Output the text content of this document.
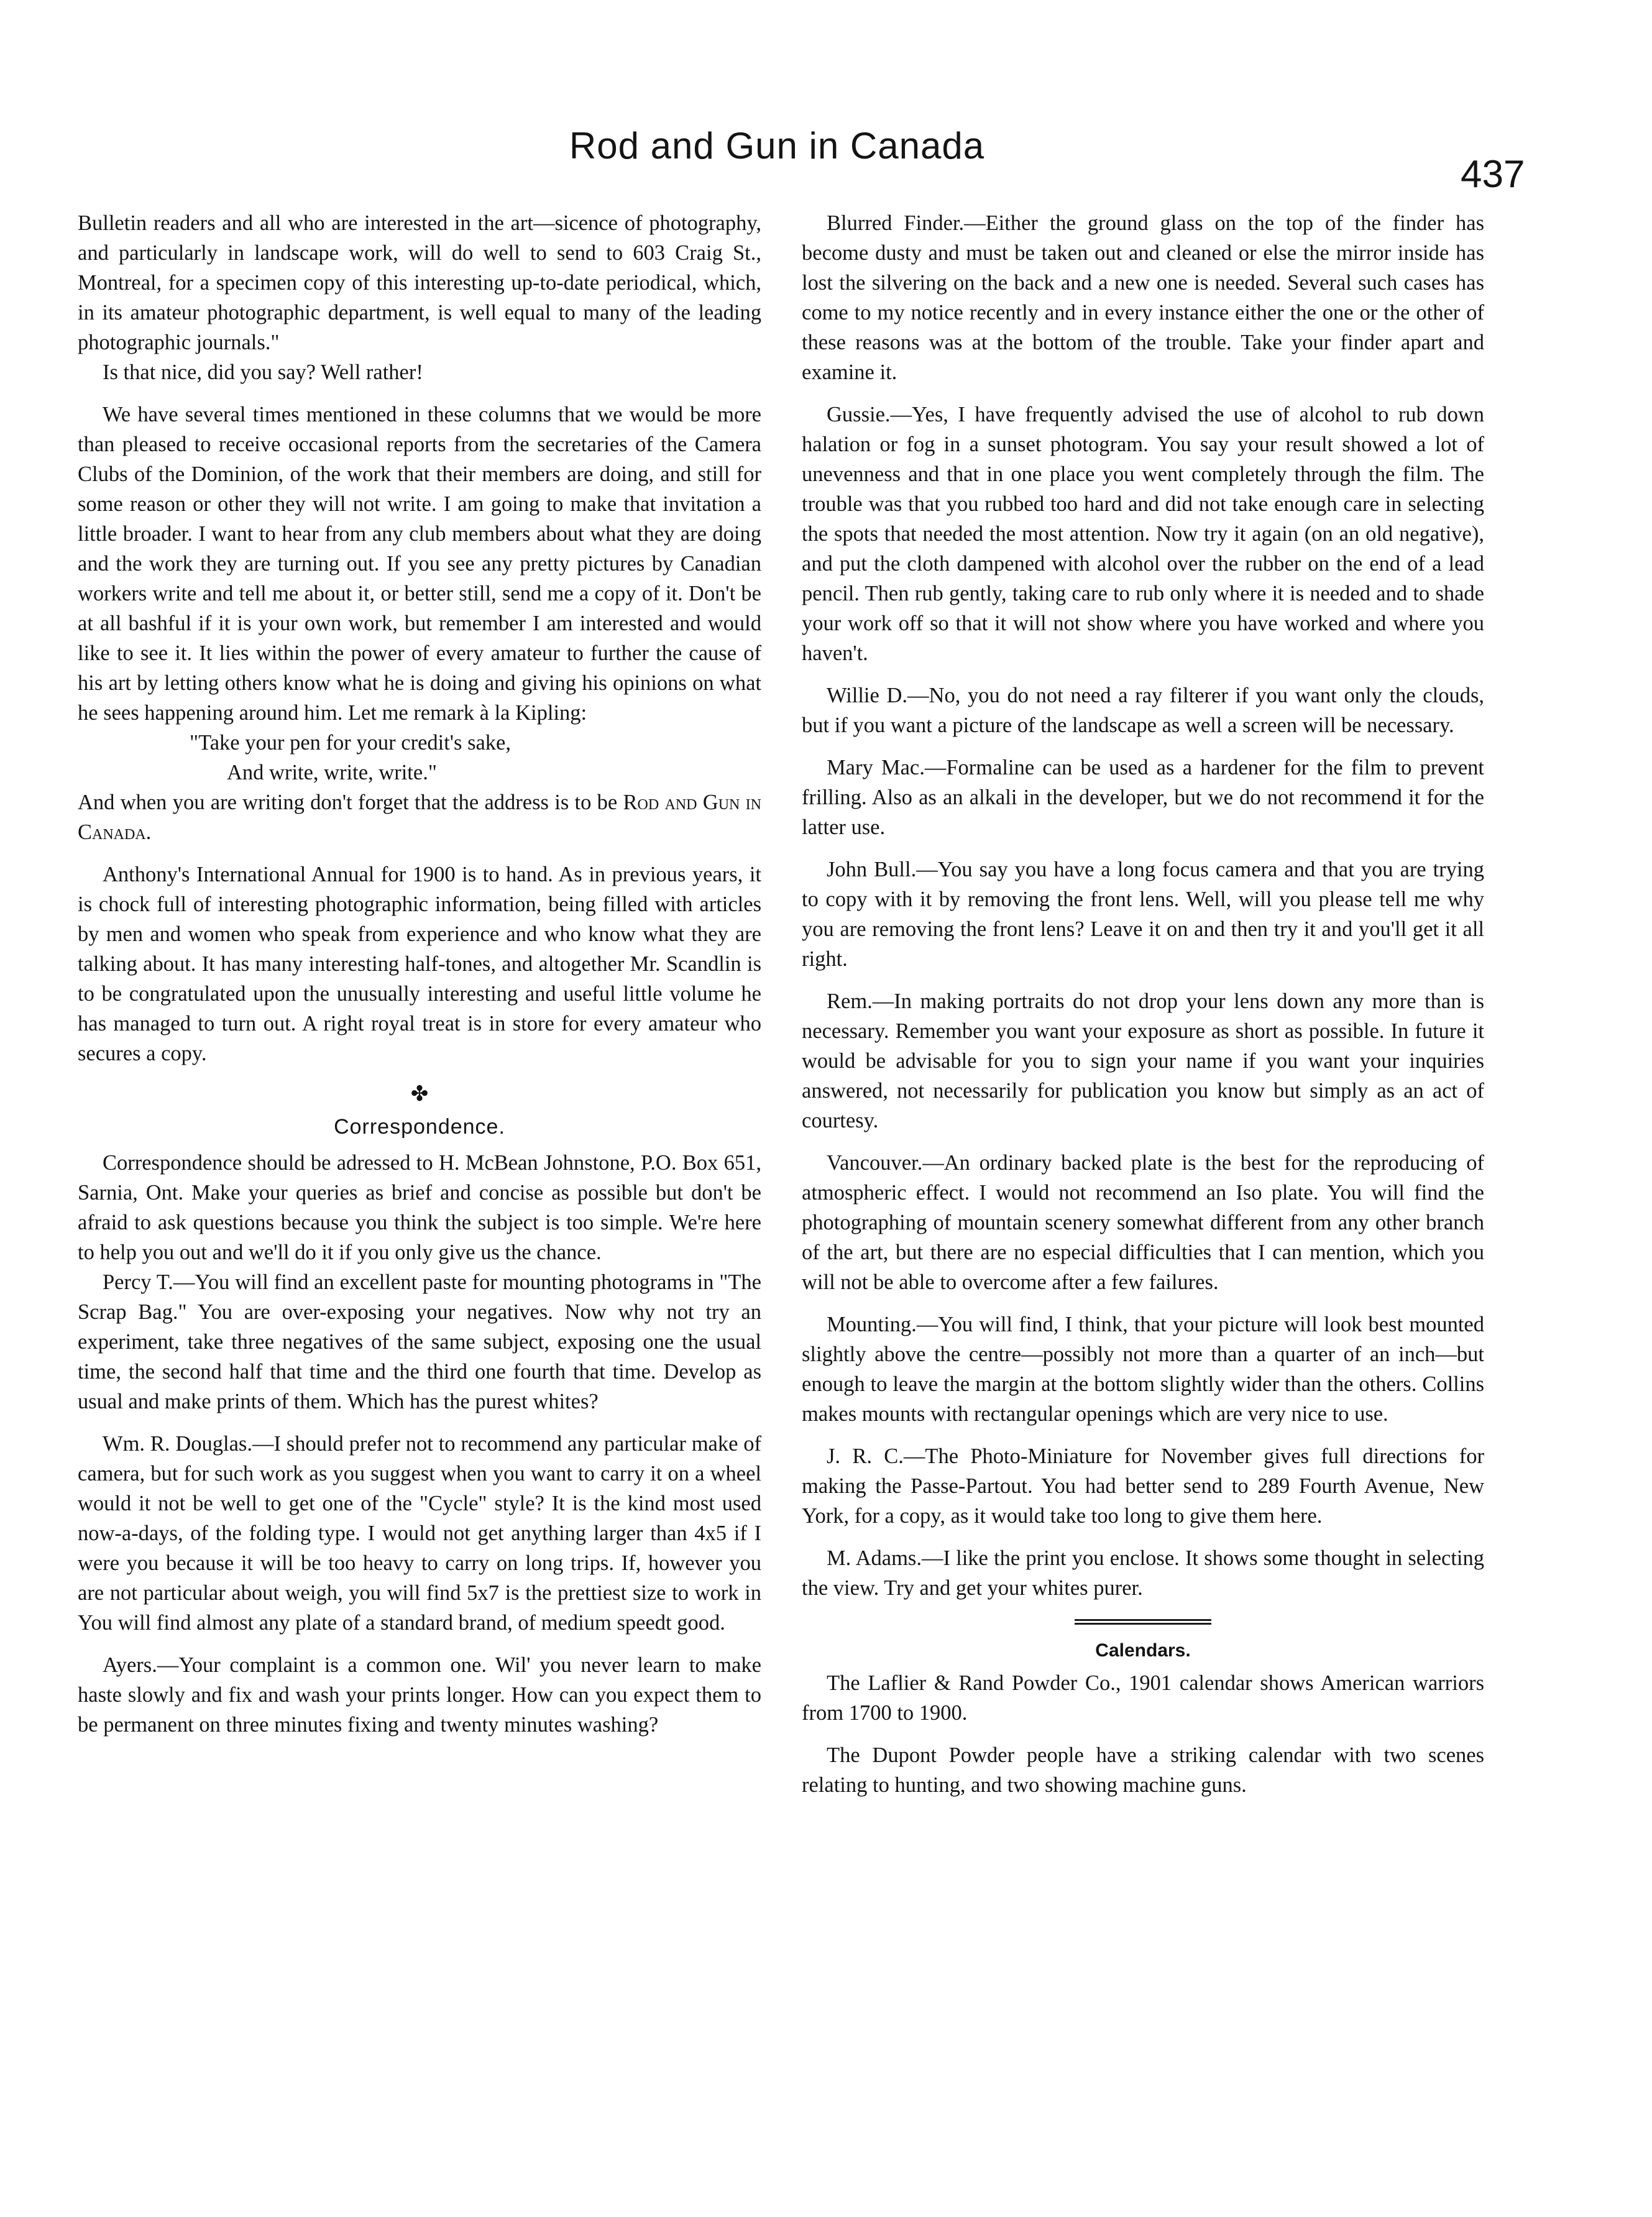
Rod and Gun in Canada
437

Bulletin readers and all who are interested in the art—sicence of photography, and particularly in landscape work, will do well to send to 603 Craig St., Montreal, for a specimen copy of this interesting up-to-date periodical, which, in its amateur photographic department, is well equal to many of the leading photographic journals."

Is that nice, did you say? Well rather!

We have several times mentioned in these columns that we would be more than pleased to receive occasional reports from the secretaries of the Camera Clubs of the Dominion, of the work that their members are doing, and still for some reason or other they will not write. I am going to make that invitation a little broader. I want to hear from any club members about what they are doing and the work they are turning out. If you see any pretty pictures by Canadian workers write and tell me about it, or better still, send me a copy of it. Don't be at all bashful if it is your own work, but remember I am interested and would like to see it. It lies within the power of every amateur to further the cause of his art by letting others know what he is doing and giving his opinions on what he sees happening around him. Let me remark à la Kipling:

"Take your pen for your credit's sake,
And write, write, write."

And when you are writing don't forget that the address is to be Rod and Gun in Canada.

Anthony's International Annual for 1900 is to hand. As in previous years, it is chock full of interesting photographic information, being filled with articles by men and women who speak from experience and who know what they are talking about. It has many interesting half-tones, and altogether Mr. Scandlin is to be congratulated upon the unusually interesting and useful little volume he has managed to turn out. A right royal treat is in store for every amateur who secures a copy.

✤
Correspondence.

Correspondence should be adressed to H. McBean Johnstone, P.O. Box 651, Sarnia, Ont. Make your queries as brief and concise as possible but don't be afraid to ask questions because you think the subject is too simple. We're here to help you out and we'll do it if you only give us the chance.

Percy T.—You will find an excellent paste for mounting photograms in "The Scrap Bag." You are over-exposing your negatives. Now why not try an experiment, take three negatives of the same subject, exposing one the usual time, the second half that time and the third one fourth that time. Develop as usual and make prints of them. Which has the purest whites?

Wm. R. Douglas.—I should prefer not to recommend any particular make of camera, but for such work as you suggest when you want to carry it on a wheel would it not be well to get one of the "Cycle" style? It is the kind most used now-a-days, of the folding type. I would not get anything larger than 4x5 if I were you because it will be too heavy to carry on long trips. If, however you are not particular about weigh, you will find 5x7 is the prettiest size to work in You will find almost any plate of a standard brand, of medium speedt good.

Ayers.—Your complaint is a common one. Wil' you never learn to make haste slowly and fix and wash your prints longer. How can you expect them to be permanent on three minutes fixing and twenty minutes washing?

Blurred Finder.—Either the ground glass on the top of the finder has become dusty and must be taken out and cleaned or else the mirror inside has lost the silvering on the back and a new one is needed. Several such cases has come to my notice recently and in every instance either the one or the other of these reasons was at the bottom of the trouble. Take your finder apart and examine it.

Gussie.—Yes, I have frequently advised the use of alcohol to rub down halation or fog in a sunset photogram. You say your result showed a lot of unevenness and that in one place you went completely through the film. The trouble was that you rubbed too hard and did not take enough care in selecting the spots that needed the most attention. Now try it again (on an old negative), and put the cloth dampened with alcohol over the rubber on the end of a lead pencil. Then rub gently, taking care to rub only where it is needed and to shade your work off so that it will not show where you have worked and where you haven't.

Willie D.—No, you do not need a ray filterer if you want only the clouds, but if you want a picture of the landscape as well a screen will be necessary.

Mary Mac.—Formaline can be used as a hardener for the film to prevent frilling. Also as an alkali in the developer, but we do not recommend it for the latter use.

John Bull.—You say you have a long focus camera and that you are trying to copy with it by removing the front lens. Well, will you please tell me why you are removing the front lens? Leave it on and then try it and you'll get it all right.

Rem.—In making portraits do not drop your lens down any more than is necessary. Remember you want your exposure as short as possible. In future it would be advisable for you to sign your name if you want your inquiries answered, not necessarily for publication you know but simply as an act of courtesy.

Vancouver.—An ordinary backed plate is the best for the reproducing of atmospheric effect. I would not recommend an Iso plate. You will find the photographing of mountain scenery somewhat different from any other branch of the art, but there are no especial difficulties that I can mention, which you will not be able to overcome after a few failures.

Mounting.—You will find, I think, that your picture will look best mounted slightly above the centre—possibly not more than a quarter of an inch—but enough to leave the margin at the bottom slightly wider than the others. Collins makes mounts with rectangular openings which are very nice to use.

J. R. C.—The Photo-Miniature for November gives full directions for making the Passe-Partout. You had better send to 289 Fourth Avenue, New York, for a copy, as it would take too long to give them here.

M. Adams.—I like the print you enclose. It shows some thought in selecting the view. Try and get your whites purer.

Calendars.

The Laflier & Rand Powder Co., 1901 calendar shows American warriors from 1700 to 1900.

The Dupont Powder people have a striking calendar with two scenes relating to hunting, and two showing machine guns.
